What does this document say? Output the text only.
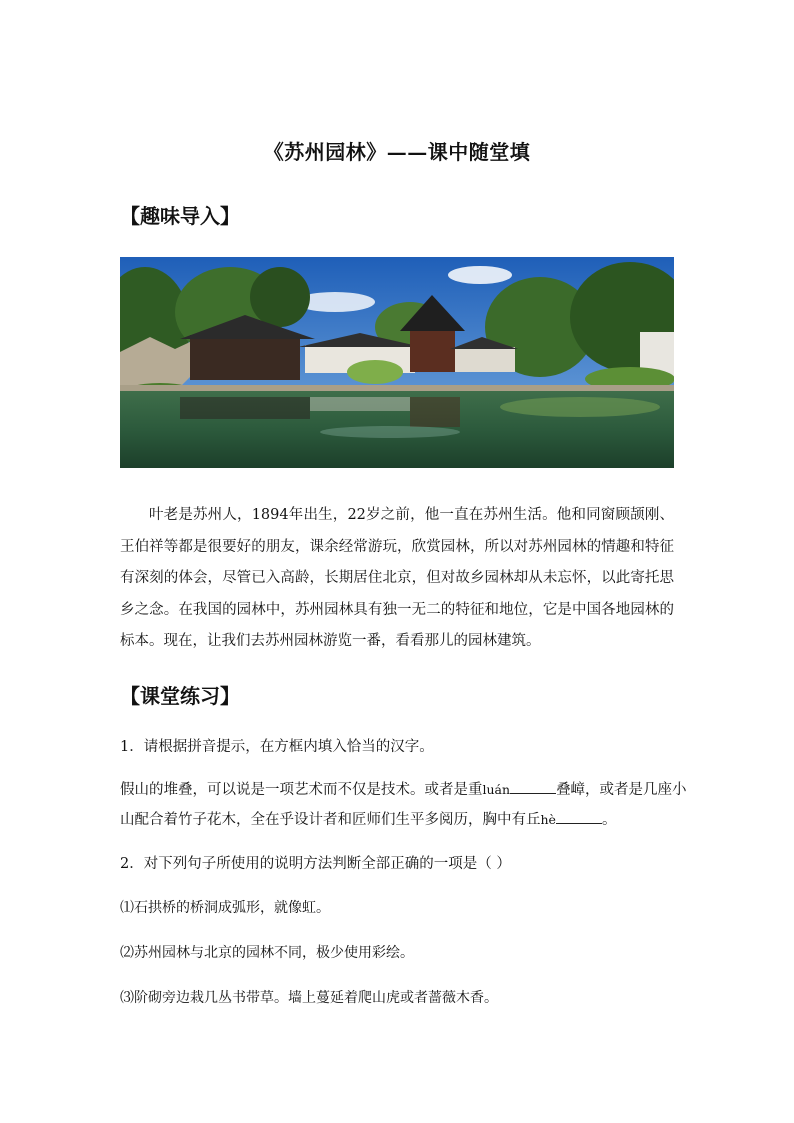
《苏州园林》——课中随堂填
【趣味导入】

叶老是苏州人，1894年出生，22岁之前，他一直在苏州生活。他和同窗顾颉刚、王伯祥等都是很要好的朋友，课余经常游玩，欣赏园林，所以对苏州园林的情趣和特征有深刻的体会，尽管已入高龄，长期居住北京，但对故乡园林却从未忘怀，以此寄托思乡之念。在我国的园林中，苏州园林具有独一无二的特征和地位，它是中国各地园林的标本。现在，让我们去苏州园林游览一番，看看那儿的园林建筑。

【课堂练习】
1．请根据拼音提示，在方框内填入恰当的汉字。
假山的堆叠，可以说是一项艺术而不仅是技术。或者是重luán	叠嶂，或者是几座小
山配合着竹子花木，全在乎设计者和匠师们生平多阅历，胸中有丘hè	。
2．对下列句子所使用的说明方法判断全部正确的一项是（ ）
⑴石拱桥的桥洞成弧形，就像虹。
⑵苏州园林与北京的园林不同，极少使用彩绘。
⑶阶砌旁边栽几丛书带草。墙上蔓延着爬山虎或者蔷薇木香。
